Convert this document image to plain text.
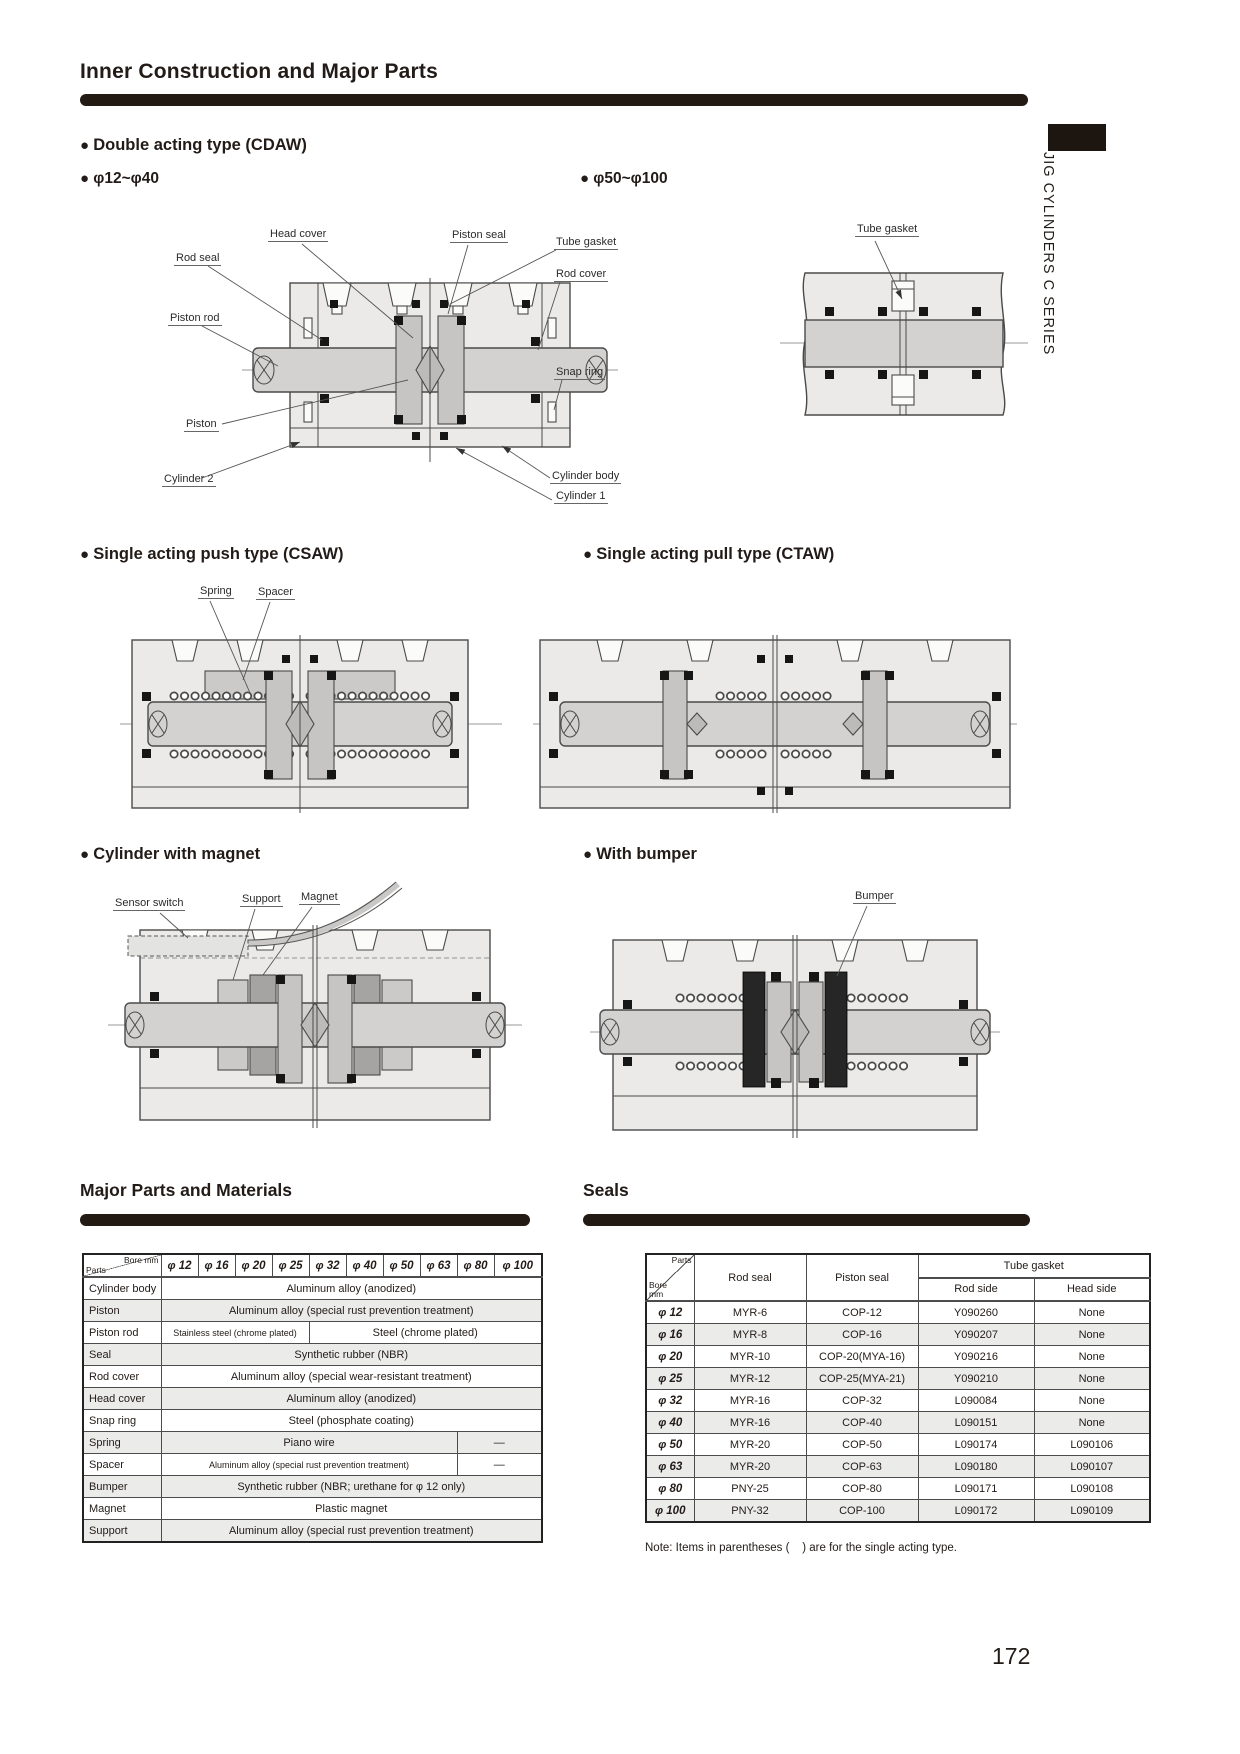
Inner Construction and Major Parts
JIG CYLINDERS C SERIES
● Double acting type (CDAW)
● φ12~φ40	● φ50~φ100
Head cover	Piston seal
Tube gasket
Rod seal
Rod cover
Piston rod
Snap ring
Piston
Cylinder 2	Cylinder body
Cylinder 1
Tube gasket
● Single acting push type (CSAW)	● Single acting pull type (CTAW)
Spring Spacer
● Cylinder with magnet	● With bumper
Sensor switch	Support Magnet	Bumper
Major Parts and Materials	Seals
Bore mm
Parts	φ 12	φ 16	φ 20	φ 25	φ 32	φ 40	φ 50	φ 63	φ 80	φ 100
Cylinder body	Aluminum alloy (anodized)									
Piston	Aluminum alloy (special rust prevention treatment)									
Piston rod	Stainless steel (chrome plated)				Steel (chrome plated)					
Seal	Synthetic rubber (NBR)									
Rod cover	Aluminum alloy (special wear-resistant treatment)									
Head cover	Aluminum alloy (anodized)									
Snap ring	Steel (phosphate coating)									
Spring	Piano wire								—	
Spacer	Aluminum alloy (special rust prevention treatment)								—	
Bumper	Synthetic rubber (NBR; urethane for φ 12 only)									
Magnet	Plastic magnet									
Support	Aluminum alloy (special rust prevention treatment)									
Parts
Bore mm	Rod seal	Piston seal	Tube gasket	
			Rod side	Head side
φ 12	MYR-6	COP-12	Y090260	None
φ 16	MYR-8	COP-16	Y090207	None
φ 20	MYR-10	COP-20(MYA-16)	Y090216	None
φ 25	MYR-12	COP-25(MYA-21)	Y090210	None
φ 32	MYR-16	COP-32	L090084	None
φ 40	MYR-16	COP-40	L090151	None
φ 50	MYR-20	COP-50	L090174	L090106
φ 63	MYR-20	COP-63	L090180	L090107
φ 80	PNY-25	COP-80	L090171	L090108
φ 100	PNY-32	COP-100	L090172	L090109
Note: Items in parentheses (    ) are for the single acting type.
172
